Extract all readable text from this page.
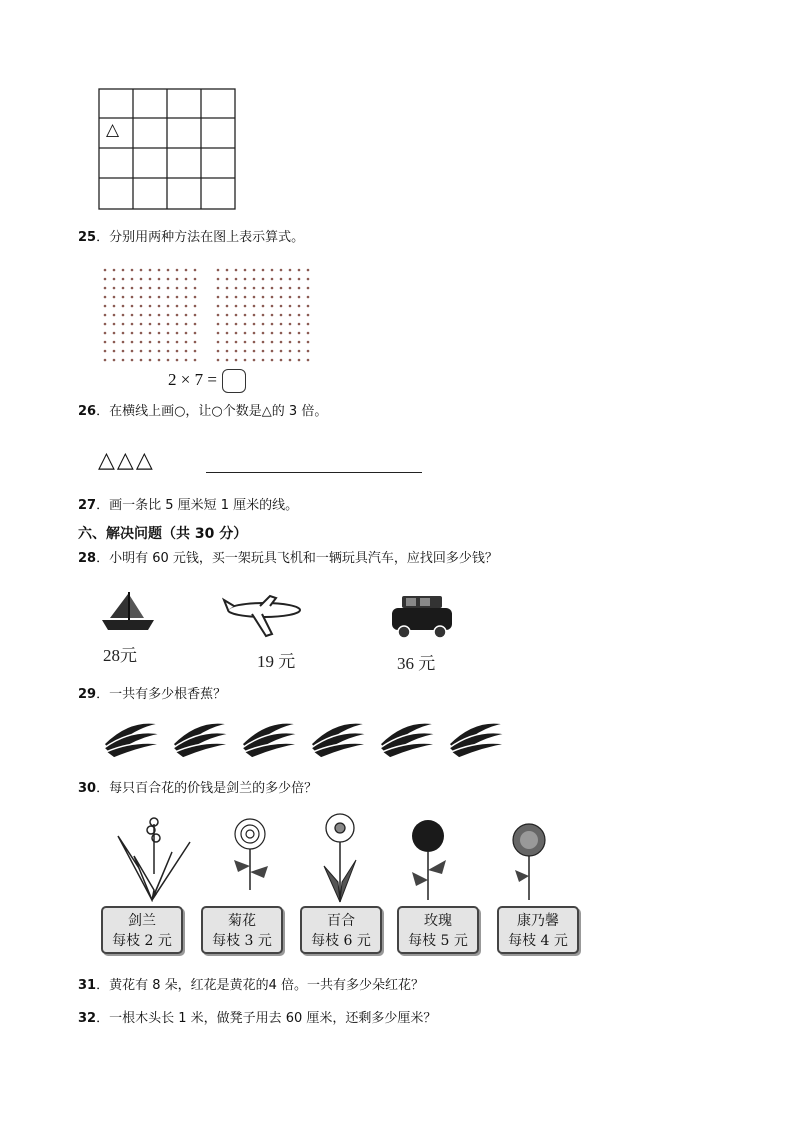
△
25．分别用两种方法在图上表示算式。
2 × 7 =
26．在横线上画○，让○个数是△的 3 倍。
△△△
27．画一条比 5 厘米短 1 厘米的线。
六、解决问题（共 30 分）
28．小明有 60 元钱，买一架玩具飞机和一辆玩具汽车，应找回多少钱？
28元	19 元	36 元
29．一共有多少根香蕉？
30．每只百合花的价钱是剑兰的多少倍？
剑兰
每枝 2 元
菊花
每枝 3 元
百合
每枝 6 元
玫瑰
每枝 5 元
康乃馨
每枝 4 元
31．黄花有 8 朵，红花是黄花的4 倍。一共有多少朵红花？
32．一根木头长 1 米，做凳子用去 60 厘米，还剩多少厘米？
